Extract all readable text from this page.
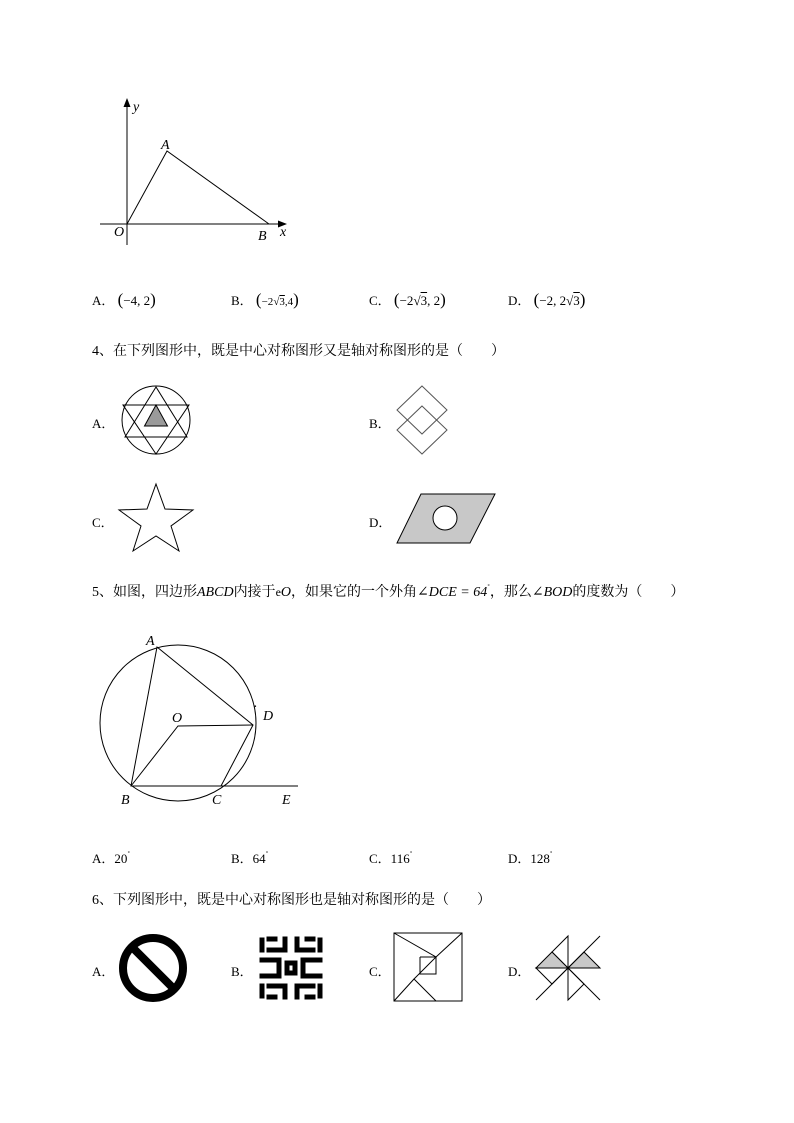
y
x
A
O	B
A． (−4, 2)	B． (−2√3,4)	C． (−2√3, 2)	D． (−2, 2√3)
4、在下列图形中，既是中心对称图形又是轴对称图形的是（　　）
A．	B．
C．	D．
5、如图，四边形ABCD内接于eO，如果它的一个外角∠DCE = 64˚，那么∠BOD的度数为（　　）
A
O	D
B	C	E
·
A．20˚	B．64˚	C．116˚	D．128˚
6、下列图形中，既是中心对称图形也是轴对称图形的是（　　）
A．	B．	C．	D．
